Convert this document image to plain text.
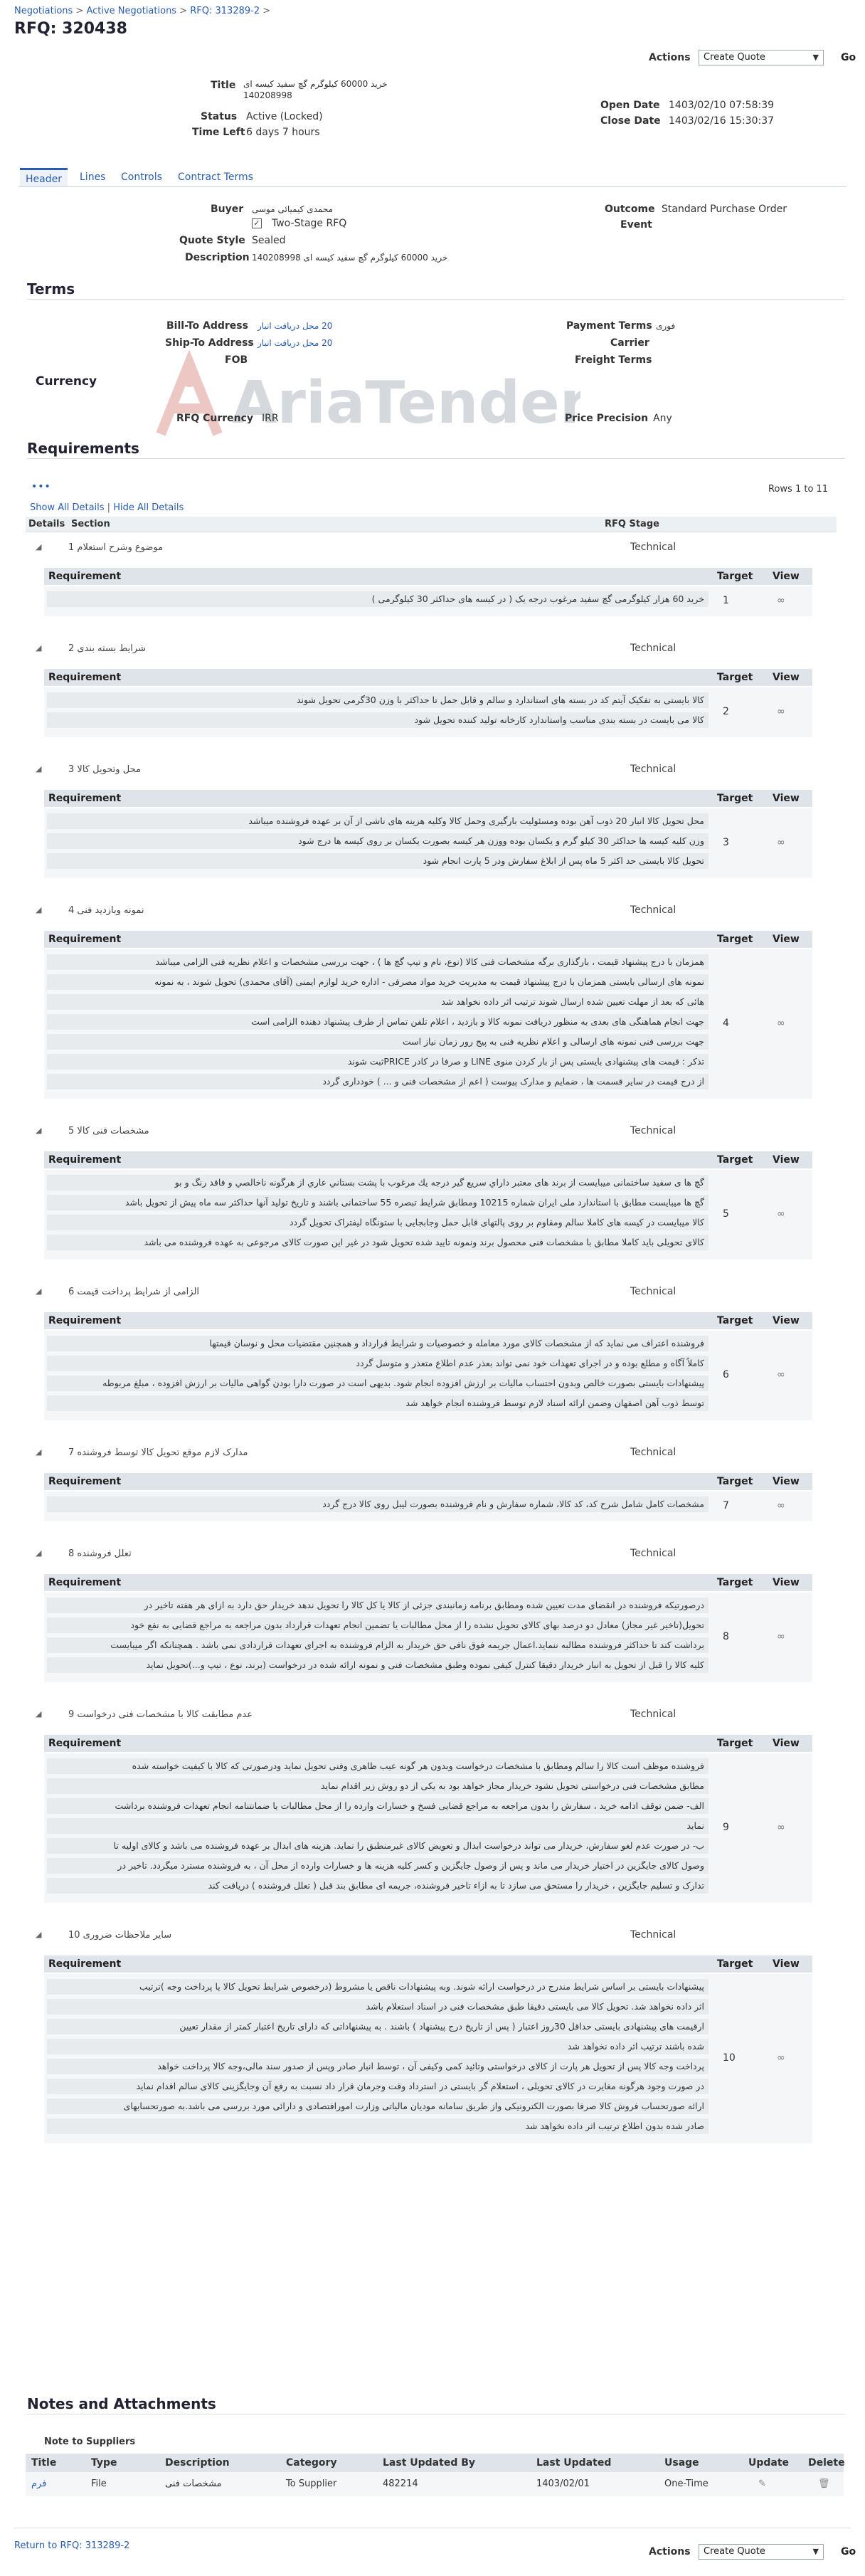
Negotiations > Active Negotiations > RFQ: 313289-2 >
RFQ: 320438
Actions	Create Quote	▼ Go
Title خرید 60000 کیلوگرم گچ سفید کیسه ای 140208998
Status Active (Locked)
Time Left 6 days 7 hours
Open Date 1403/02/10 07:58:39
Close Date 1403/02/16 15:30:37
Header	Lines	Controls	Contract Terms
Buyer محمدی کیمیائی موسی
✓ Two-Stage RFQ
Quote Style Sealed
Description خرید 60000 کیلوگرم گچ سفید کیسه ای 140208998
Outcome Standard Purchase Order
Event
Terms
Bill-To Address 20 محل دریافت انبار
Ship-To Address 20 محل دریافت انبار
FOB
Payment Terms فوری
Carrier
Freight Terms
AriaTender
Currency
RFQ Currency IRR	Price Precision Any
Requirements
•••	Rows 1 to 11
Show All Details | Hide All Details
Details Section	RFQ Stage
◢	موضوع وشرح استعلام 1	Technical
Requirement	Target View
خرید 60 هزار کیلوگرمی گچ سفید مرغوب درجه یک ( در کیسه های حداکثر 30 کیلوگرمی )	1	∞
◢	شرایط بسته بندی 2	Technical
Requirement	Target View
کالا بایستی به تفکیک آیتم کد در بسته های استاندارد و سالم و قابل حمل تا حداکثر با وزن 30گرمی تحویل شوند
کالا می بایست در بسته بندی مناسب واستاندارد کارخانه تولید کننده تحویل شود
2	∞
◢	محل وتحویل کالا 3	Technical
Requirement	Target View
محل تحویل کالا انبار 20 ذوب آهن بوده ومسئولیت بارگیری وحمل کالا وکلیه هزینه های ناشی از آن بر عهده فروشنده میباشد
وزن کلیه کیسه ها حداکثر 30 کیلو گرم و یکسان بوده ووزن هر کیسه بصورت یکسان بر روی کیسه ها درج شود
تحویل کالا بایستی حد اکثر 5 ماه پس از ابلاغ سفارش ودر 5 پارت انجام شود
3	∞
◢	نمونه وبازدید فنی 4	Technical
Requirement	Target View
همزمان با درج پیشنهاد قیمت ، بارگذاری برگه مشخصات فنی کالا (نوع، نام و تیپ گچ ها ) ، جهت بررسی مشخصات و اعلام نظریه فنی الزامی میباشد
نمونه های ارسالی بایستی همزمان با درج پیشنهاد قیمت به مدیریت خرید مواد مصرفی - اداره خرید لوازم ایمنی (آقای محمدی) تحویل شوند ، به نمونه
هائی که بعد از مهلت تعیین شده ارسال شوند ترتیب اثر داده نخواهد شد
جهت انجام هماهنگی های بعدی به منظور دریافت نمونه کالا و بازدید ، اعلام تلفن تماس از طرف پیشنهاد دهنده الزامی است
جهت بررسی فنی نمونه های ارسالی و اعلام نظریه فنی به پیج رور زمان نیاز است
تذکر : قیمت های پیشنهادی بایستی پس از بار کردن منوی LINE و صرفا در کادر PRICEثبت شوند
از درج قیمت در سایر قسمت ها ، ضمایم و مدارک پیوست ( اعم از مشخصات فنی و ... ) خودداری گردد
4	∞
◢	مشخصات فنی کالا 5	Technical
Requirement	Target View
گچ ها ی سفید ساختمانی میبایست از برند های معتبر داراي سريع گير درجه يك مرغوب با پشت بستاني عاري از هرگونه ناخالصي و فاقد رنگ و بو
گچ ها میبایست مطابق با استاندارد ملی ایران شماره 10215 ومطابق شرایط تبصره 55 ساختمانی باشند و تاریخ تولید آنها حداکثر سه ماه پیش از تحویل باشد
کالا میبایست در کیسه های کاملا سالم ومقاوم بر روی پالتهای قابل حمل وجابجایی با ستونگاه لیفتراک تحویل گردد
کالای تحویلی باید کاملا مطابق با مشخصات فنی محصول برند ونمونه تایید شده تحویل شود در غیر این صورت کالای مرجوعی به عهده فروشنده می باشد
5	∞
◢	الزامی از شرایط پرداخت قیمت 6	Technical
Requirement	Target View
فروشنده اعتراف می نماید که از مشخصات کالای مورد معامله و خصوصیات و شرایط قرارداد و همچنین مقتضیات محل و نوسان قیمتها
کاملاً آگاه و مطلع بوده و در اجرای تعهدات خود نمی تواند بعذر عدم اطلاع متعذر و متوسل گردد
پیشنهادات بایستی بصورت خالص وبدون احتساب مالیات بر ارزش افزوده انجام شود. بدیهی است در صورت دارا بودن گواهی مالیات بر ارزش افزوده ، مبلغ مربوطه
توسط ذوب آهن اصفهان وضمن ارائه اسناد لازم توسط فروشنده انجام خواهد شد
6	∞
◢	مدارک لازم موقع تحویل کالا توسط فروشنده 7	Technical
Requirement	Target View
مشخصات کامل شامل شرح کد، کد کالا، شماره سفارش و نام فروشنده بصورت لیبل روی کالا درج گردد	7	∞
◢	تعلل فروشنده 8	Technical
Requirement	Target View
درصورتیکه فروشنده در انقضای مدت تعیین شده ومطابق برنامه زمانبندی جزئی از کالا یا کل کالا را تحویل ندهد خریدار حق دارد به ازای هر هفته تاخیر در
تحویل(تاخیر غیر مجاز) معادل دو درصد بهای کالای تحویل نشده را از محل مطالبات یا تضمین انجام تعهدات قرارداد بدون مراجعه به مراجع قضایی به نفع خود
برداشت کند تا حداکثر فروشنده مطالبه ننماید.اعمال جریمه فوق نافی حق خریدار به الزام فروشنده به اجرای تعهدات قراردادی نمی باشد . همچنانکه اگر میبایست
کلیه کالا را قبل از تحویل به انبار خریدار دقیقا کنترل کیفی نموده وطبق مشخصات فنی و نمونه ارائه شده در درخواست (برند، نوع ، تیپ و...)تحویل نماید
8	∞
◢	عدم مطابقت کالا با مشخصات فنی درخواست 9	Technical
Requirement	Target View
فروشنده موظف است کالا را سالم ومطابق با مشخصات درخواست وبدون هر گونه عیب ظاهری وفنی تحویل نماید ودرصورتی که کالا با کیفیت خواسته شده
مطابق مشخصات فنی درخواستی تحویل نشود خریدار مجاز خواهد بود به یکی از دو روش زیر اقدام نماید
الف- ضمن توقف ادامه خرید ، سفارش را بدون مراجعه به مراجع قضایی فسخ و خسارات وارده را از محل مطالبات یا ضمانتنامه انجام تعهدات فروشنده برداشت
نماید
ب- در صورت عدم لغو سفارش، خریدار می تواند درخواست ابدال و تعویض کالای غیرمنطبق را نماید. هزینه های ابدال بر عهده فروشنده می باشد و کالای اولیه تا
وصول کالای جایگزین در اختیار خریدار می ماند و پس از وصول جایگزین و کسر کلیه هزینه ها و خسارات وارده از محل آن ، به فروشنده مسترد میگردد. تاخیر در
تدارک و تسلیم جایگزین ، خریدار را مستحق می سازد تا به ازاء تاخیر فروشنده، جریمه ای مطابق بند قبل ( تعلل فروشنده ) دریافت کند
9	∞
◢	سایر ملاحظات ضروری 10	Technical
Requirement	Target View
پیشنهادات بایستی بر اساس شرایط مندرج در درخواست ارائه شوند. وبه پیشنهادات ناقص یا مشروط (درخصوص شرایط تحویل کالا یا پرداخت وجه )ترتیب
اثر داده نخواهد شد. تحویل کالا می بایستی دقیقا طبق مشخصات فنی در اسناد استعلام باشد
ارقیمت های پیشنهادی بایستی حداقل 30روز اعتبار ( پس از تاریخ درج پیشنهاد ) باشند . به پیشنهاداتی که دارای تاریخ اعتبار کمتر از مقدار تعیین
شده باشند ترتیب اثر داده نخواهد شد
پرداخت وجه کالا پس از تحویل هر پارت از کالای درخواستی وتائید کمی وکیفی آن ، توسط انبار صادر وپس از صدور سند مالی،وجه کالا پرداخت خواهد
در صورت وجود هرگونه مغایرت در کالای تحویلی ، استعلام گر بایستی در استرداد وقت وجرمان قرار داد نسبت به رفع آن وجایگزینی کالای سالم اقدام نماید
ارائه صورتحساب فروش کالا صرفا بصورت الکترونیکی واز طریق سامانه مودیان مالیاتی وزارت امورافتصادی و دارائی مورد بررسی می باشد.به صورتحسابهای
صادر شده بدون اطلاع ترتیب اثر داده نخواهد شد
10	∞
Notes and Attachments
Note to Suppliers
Title	Type	Description	Category	Last Updated By	Last Updated	Usage	Update Delete
فرم	File	مشخصات فنی	To Supplier	482214	1403/02/01	One-Time	✎	🗑
Return to RFQ: 313289-2
Actions	Create Quote	▼ Go
